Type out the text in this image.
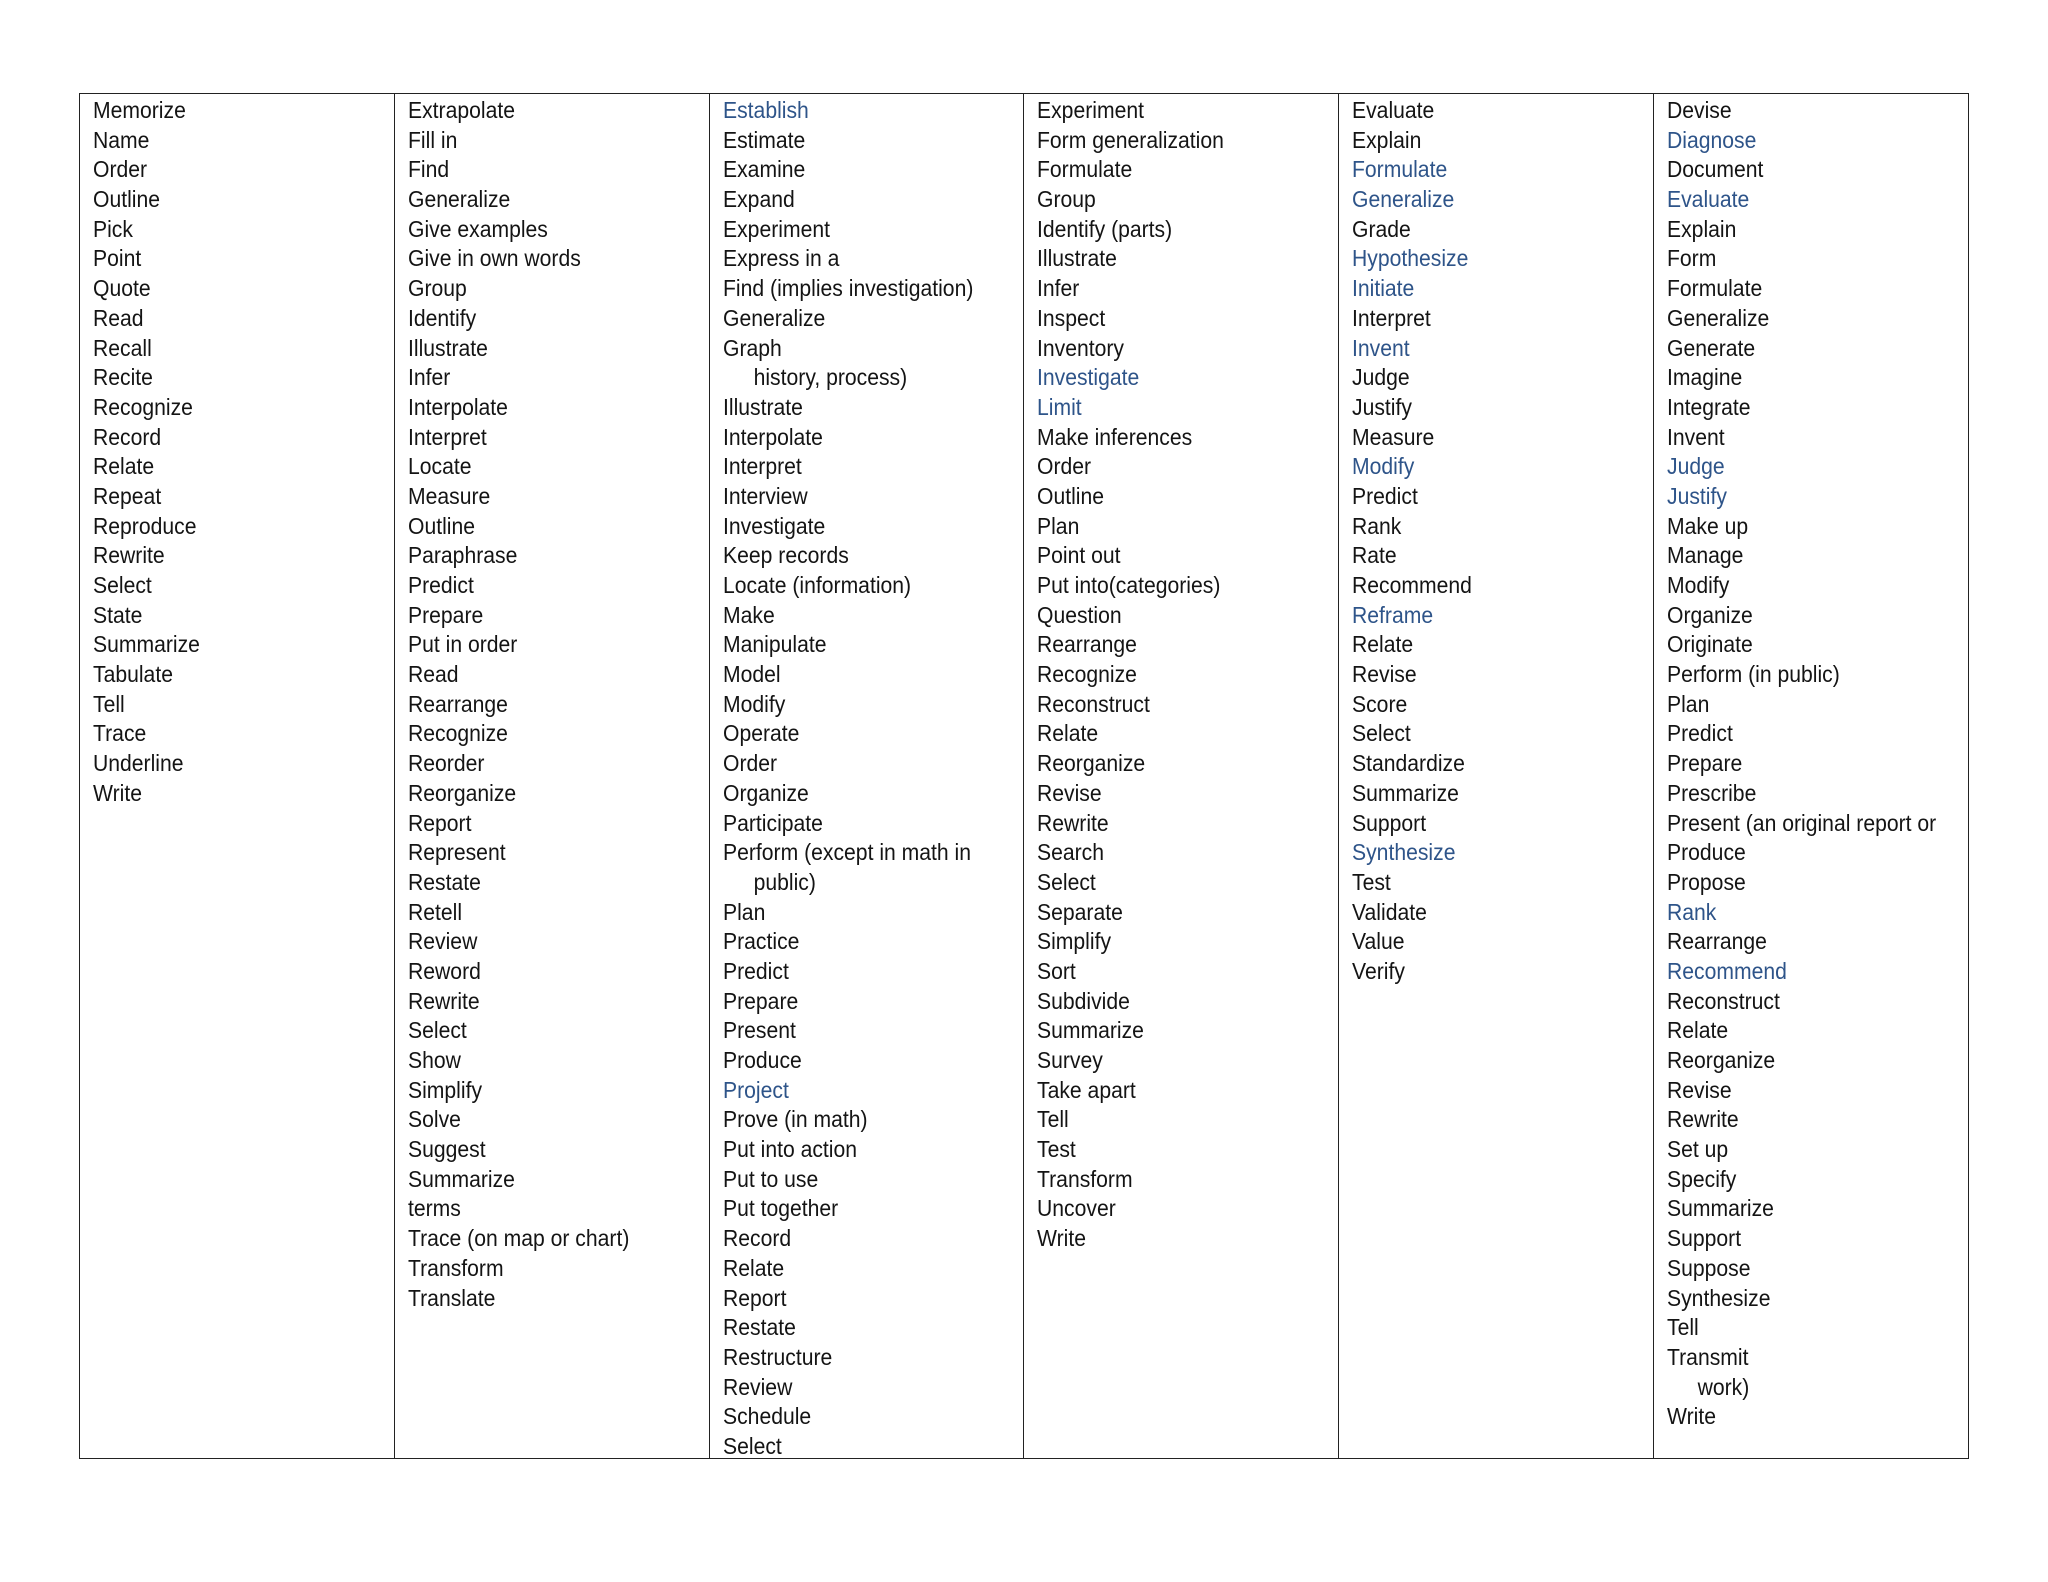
Memorize
Name
Order
Outline
Pick
Point
Quote
Read
Recall
Recite
Recognize
Record
Relate
Repeat
Reproduce
Rewrite
Select
State
Summarize
Tabulate
Tell
Trace
Underline
Write
Extrapolate
Fill in
Find
Generalize
Give examples
Give in own words
Group
Identify
Illustrate
Infer
Interpolate
Interpret
Locate
Measure
Outline
Paraphrase
Predict
Prepare
Put in order
Read
Rearrange
Recognize
Reorder
Reorganize
Report
Represent
Restate
Retell
Review
Reword
Rewrite
Select
Show
Simplify
Solve
Suggest
Summarize
terms
Trace (on map or chart)
Transform
Translate
Establish
Estimate
Examine
Expand
Experiment
Express in a
Find (implies investigation)
Generalize
Graph
history, process)
Illustrate
Interpolate
Interpret
Interview
Investigate
Keep records
Locate (information)
Make
Manipulate
Model
Modify
Operate
Order
Organize
Participate
Perform (except in math in
public)
Plan
Practice
Predict
Prepare
Present
Produce
Project
Prove (in math)
Put into action
Put to use
Put together
Record
Relate
Report
Restate
Restructure
Review
Schedule
Select
Experiment
Form generalization
Formulate
Group
Identify (parts)
Illustrate
Infer
Inspect
Inventory
Investigate
Limit
Make inferences
Order
Outline
Plan
Point out
Put into(categories)
Question
Rearrange
Recognize
Reconstruct
Relate
Reorganize
Revise
Rewrite
Search
Select
Separate
Simplify
Sort
Subdivide
Summarize
Survey
Take apart
Tell
Test
Transform
Uncover
Write
Evaluate
Explain
Formulate
Generalize
Grade
Hypothesize
Initiate
Interpret
Invent
Judge
Justify
Measure
Modify
Predict
Rank
Rate
Recommend
Reframe
Relate
Revise
Score
Select
Standardize
Summarize
Support
Synthesize
Test
Validate
Value
Verify
Devise
Diagnose
Document
Evaluate
Explain
Form
Formulate
Generalize
Generate
Imagine
Integrate
Invent
Judge
Justify
Make up
Manage
Modify
Organize
Originate
Perform (in public)
Plan
Predict
Prepare
Prescribe
Present (an original report or
Produce
Propose
Rank
Rearrange
Recommend
Reconstruct
Relate
Reorganize
Revise
Rewrite
Set up
Specify
Summarize
Support
Suppose
Synthesize
Tell
Transmit
work)
Write
